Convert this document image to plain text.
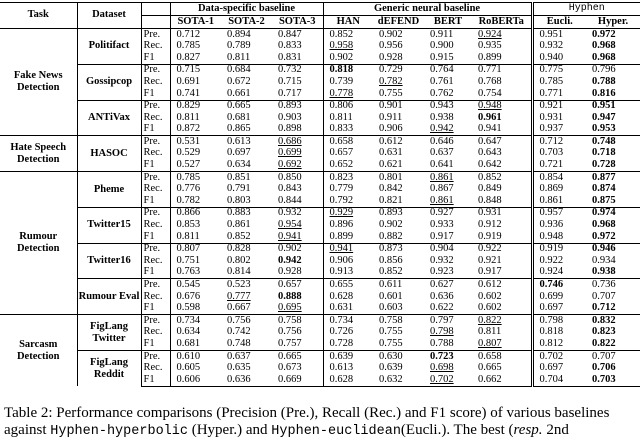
Task	Dataset		Data-specific baseline			Generic neural baseline				Hyphen	
			SOTA-1	SOTA-2	SOTA-3	HAN	dEFEND	BERT	RoBERTa	Eucli.	Hyper.
Fake News Detection	Politifact	Pre.	0.712	0.894	0.847	0.852	0.902	0.911	0.924	0.951	0.972
		Rec.	0.785	0.789	0.833	0.958	0.956	0.900	0.935	0.932	0.968
		F1	0.827	0.811	0.831	0.902	0.928	0.915	0.899	0.940	0.968
	Gossipcop	Pre.	0.715	0.684	0.732	0.818	0.729	0.764	0.771	0.775	0.796
		Rec.	0.691	0.672	0.715	0.739	0.782	0.761	0.768	0.785	0.788
		F1	0.741	0.661	0.717	0.778	0.755	0.762	0.754	0.771	0.816
	ANTiVax	Pre.	0.829	0.665	0.893	0.806	0.901	0.943	0.948	0.921	0.951
		Rec.	0.811	0.681	0.903	0.811	0.911	0.938	0.961	0.931	0.947
		F1	0.872	0.865	0.898	0.833	0.906	0.942	0.941	0.937	0.953
Hate Speech Detection	HASOC	Pre.	0.531	0.613	0.686	0.658	0.612	0.646	0.647	0.712	0.748
		Rec.	0.529	0.697	0.699	0.657	0.631	0.637	0.643	0.703	0.718
		F1	0.527	0.634	0.692	0.652	0.621	0.641	0.642	0.721	0.728
Rumour Detection	Pheme	Pre.	0.785	0.851	0.850	0.823	0.801	0.861	0.852	0.854	0.877
		Rec.	0.776	0.791	0.843	0.779	0.842	0.867	0.849	0.869	0.874
		F1	0.782	0.803	0.844	0.792	0.821	0.861	0.848	0.861	0.875
	Twitter15	Pre.	0.866	0.883	0.932	0.929	0.893	0.927	0.931	0.957	0.974
		Rec.	0.853	0.861	0.954	0.896	0.902	0.933	0.912	0.936	0.968
		F1	0.811	0.852	0.941	0.899	0.882	0.917	0.919	0.948	0.972
	Twitter16	Pre.	0.807	0.828	0.902	0.941	0.873	0.904	0.922	0.919	0.946
		Rec.	0.751	0.802	0.942	0.906	0.856	0.932	0.921	0.922	0.934
		F1	0.763	0.814	0.928	0.913	0.852	0.923	0.917	0.924	0.938
	Rumour Eval	Pre.	0.545	0.523	0.657	0.655	0.611	0.627	0.612	0.746	0.736
		Rec.	0.676	0.777	0.888	0.628	0.601	0.636	0.602	0.699	0.707
		F1	0.598	0.667	0.695	0.631	0.603	0.622	0.602	0.697	0.712
Sarcasm Detection	FigLang Twitter	Pre.	0.734	0.756	0.758	0.734	0.758	0.797	0.822	0.798	0.832
		Rec.	0.634	0.742	0.756	0.726	0.755	0.798	0.811	0.818	0.823
		F1	0.681	0.748	0.757	0.728	0.755	0.788	0.807	0.812	0.822
	FigLang Reddit	Pre.	0.610	0.637	0.665	0.639	0.630	0.723	0.658	0.702	0.707
		Rec.	0.605	0.635	0.673	0.613	0.639	0.698	0.665	0.697	0.706
		F1	0.606	0.636	0.669	0.628	0.632	0.702	0.662	0.704	0.703
Table 2: Performance comparisons (Precision (Pre.), Recall (Rec.) and F1 score) of various baselines against Hyphen-hyperbolic (Hyper.) and Hyphen-euclidean(Eucli.). The best (resp. 2nd
